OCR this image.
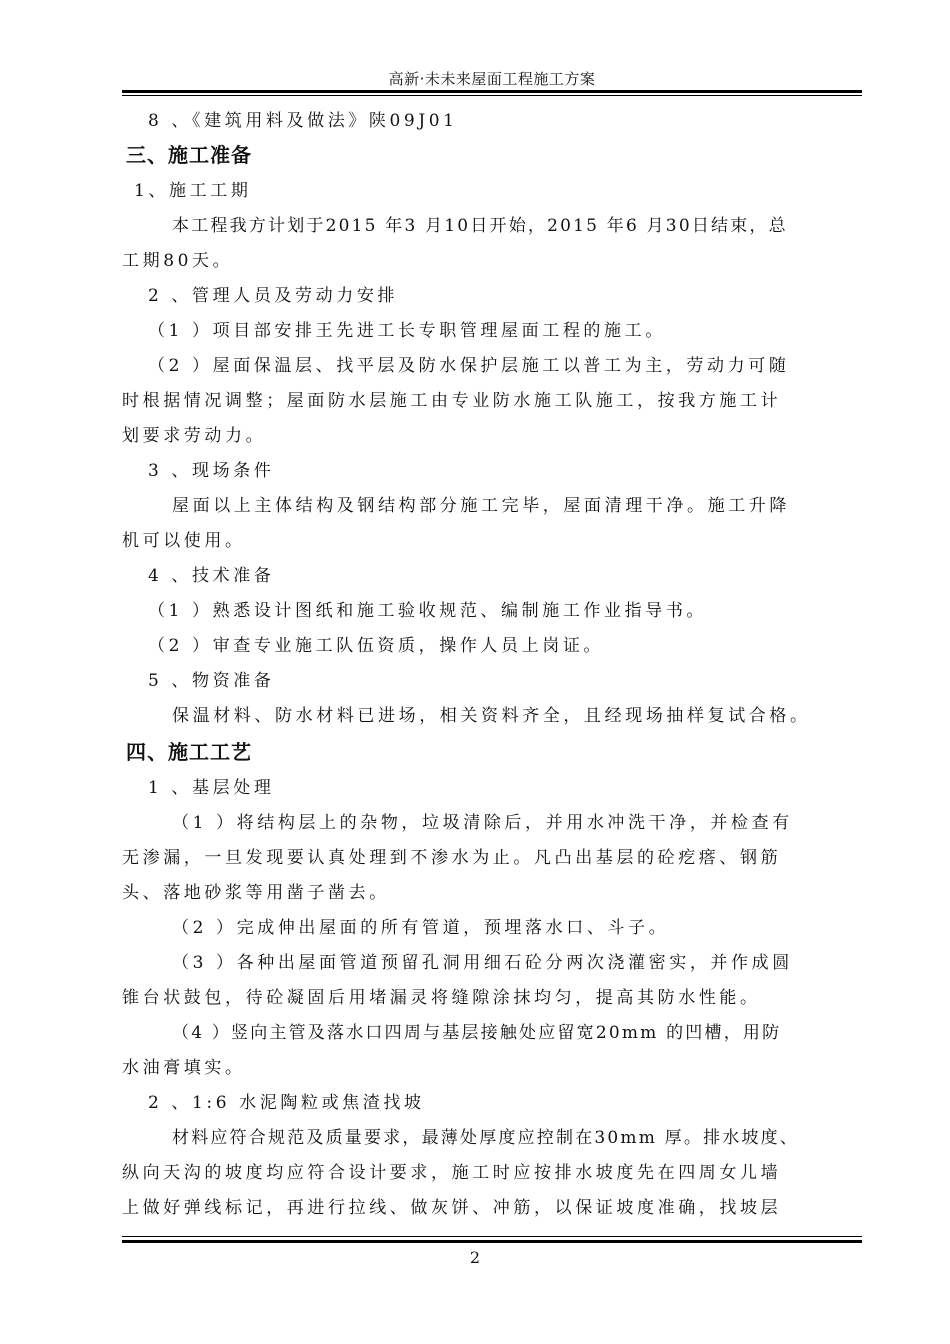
高新·未未来屋面工程施工方案
8 、《建筑用料及做法》陕09J01
三、施工准备
1、施工工期
本工程我方计划于2015 年3 月10日开始，2015 年6 月30日结束，总
工期80天。
2 、管理人员及劳动力安排
（1 ）项目部安排王先进工长专职管理屋面工程的施工。
（2 ）屋面保温层、找平层及防水保护层施工以普工为主，劳动力可随
时根据情况调整；屋面防水层施工由专业防水施工队施工，按我方施工计
划要求劳动力。
3 、现场条件
屋面以上主体结构及钢结构部分施工完毕，屋面清理干净。施工升降
机可以使用。
4 、技术准备
（1 ）熟悉设计图纸和施工验收规范、编制施工作业指导书。
（2 ）审查专业施工队伍资质，操作人员上岗证。
5 、物资准备
保温材料、防水材料已进场，相关资料齐全，且经现场抽样复试合格。
四、施工工艺
1 、基层处理
（1 ）将结构层上的杂物，垃圾清除后，并用水冲洗干净，并检查有
无渗漏，一旦发现要认真处理到不渗水为止。凡凸出基层的砼疙瘩、钢筋
头、落地砂浆等用凿子凿去。
（2 ）完成伸出屋面的所有管道，预埋落水口、斗子。
（3 ）各种出屋面管道预留孔洞用细石砼分两次浇灌密实，并作成圆
锥台状鼓包，待砼凝固后用堵漏灵将缝隙涂抹均匀，提高其防水性能。
（4 ）竖向主管及落水口四周与基层接触处应留宽20mm 的凹槽，用防
水油膏填实。
2 、1:6 水泥陶粒或焦渣找坡
材料应符合规范及质量要求，最薄处厚度应控制在30mm 厚。排水坡度、
纵向天沟的坡度均应符合设计要求，施工时应按排水坡度先在四周女儿墙
上做好弹线标记，再进行拉线、做灰饼、冲筋，以保证坡度准确，找坡层
2
